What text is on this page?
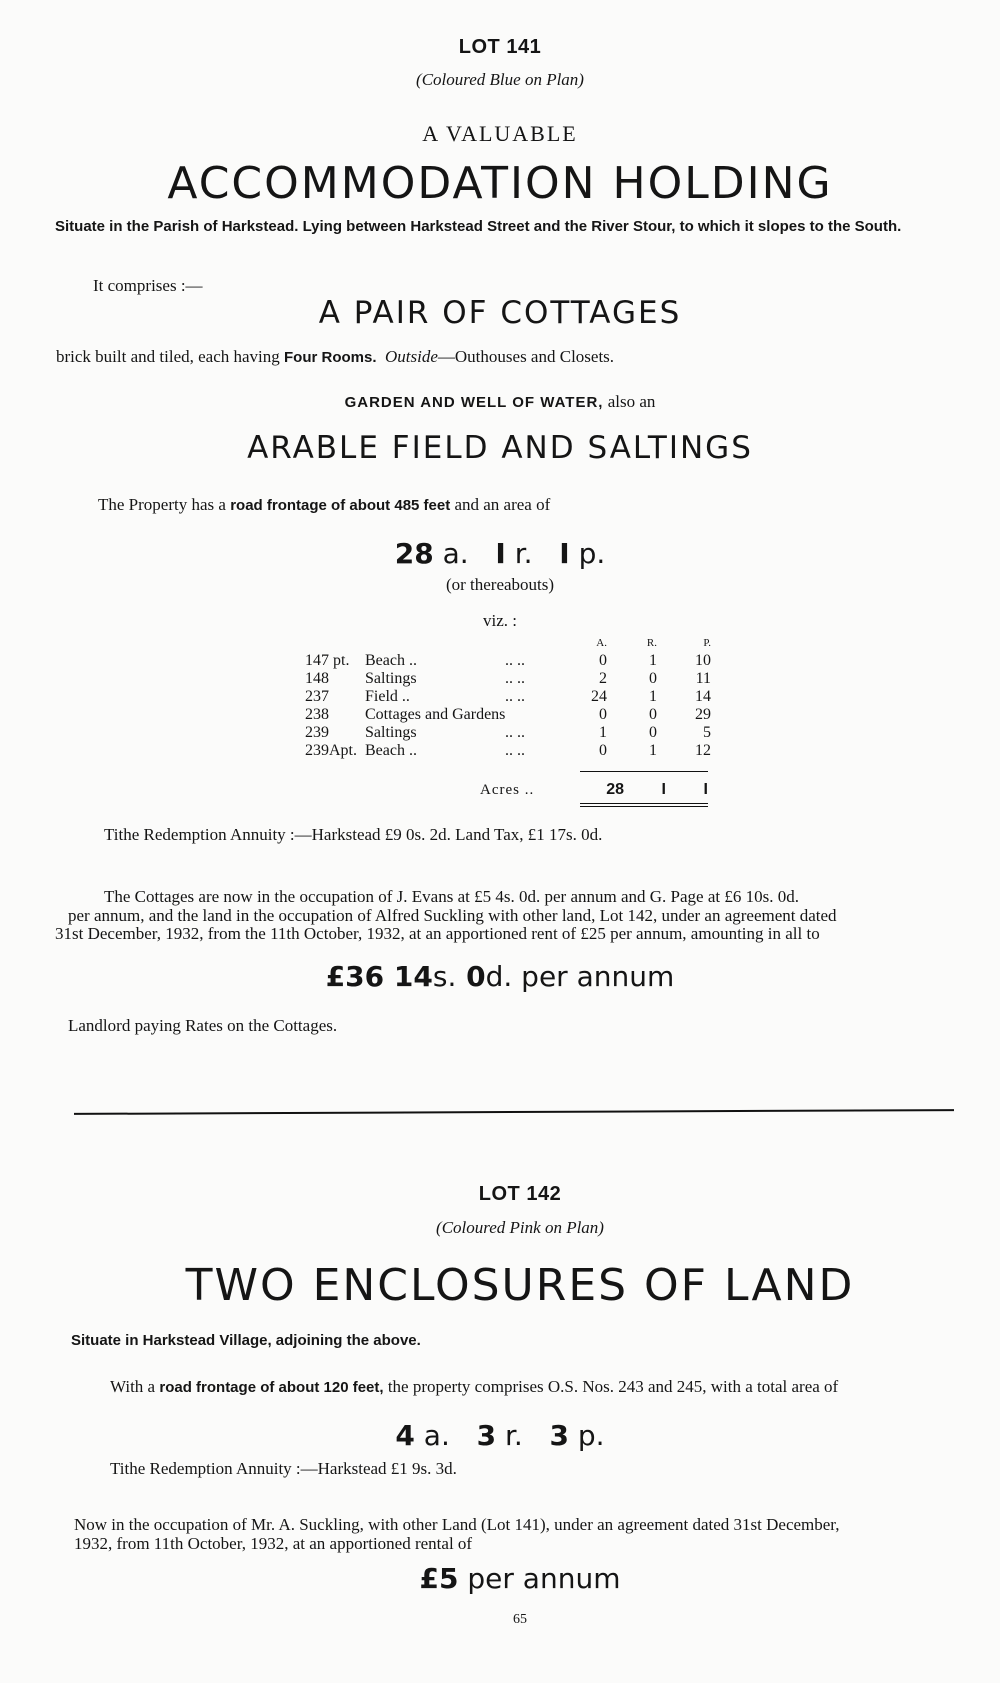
LOT 141
(Coloured Blue on Plan)
A VALUABLE
ACCOMMODATION HOLDING
Situate in the Parish of Harkstead. Lying between Harkstead Street and the River Stour, to which it slopes to the South.
It comprises :—
A PAIR OF COTTAGES
brick built and tiled, each having Four Rooms. Outside—Outhouses and Closets.
GARDEN AND WELL OF WATER, also an
ARABLE FIELD AND SALTINGS
The Property has a road frontage of about 485 feet and an area of
28 a. I r. I p.
(or thereabouts)
viz. :
			A.	R.	P.
147 pt.	Beach ..	.. ..	0	1	10
148	Saltings	.. ..	2	0	11
237	Field ..	.. ..	24	1	14
238	Cottages and Gardens		0	0	29
239	Saltings	.. ..	1	0	5
239Apt.	Beach ..	.. ..	0	1	12
Acres ..	28	I	I
Tithe Redemption Annuity :—Harkstead £9 0s. 2d. Land Tax, £1 17s. 0d.
The Cottages are now in the occupation of J. Evans at £5 4s. 0d. per annum and G. Page at £6 10s. 0d.
per annum, and the land in the occupation of Alfred Suckling with other land, Lot 142, under an agreement dated
31st December, 1932, from the 11th October, 1932, at an apportioned rent of £25 per annum, amounting in all to
£36 14s. 0d. per annum
Landlord paying Rates on the Cottages.
LOT 142
(Coloured Pink on Plan)
TWO ENCLOSURES OF LAND
Situate in Harkstead Village, adjoining the above.
With a road frontage of about 120 feet, the property comprises O.S. Nos. 243 and 245, with a total area of
4 a. 3 r. 3 p.
Tithe Redemption Annuity :—Harkstead £1 9s. 3d.
Now in the occupation of Mr. A. Suckling, with other Land (Lot 141), under an agreement dated 31st December,
1932, from 11th October, 1932, at an apportioned rental of
£5 per annum
65
